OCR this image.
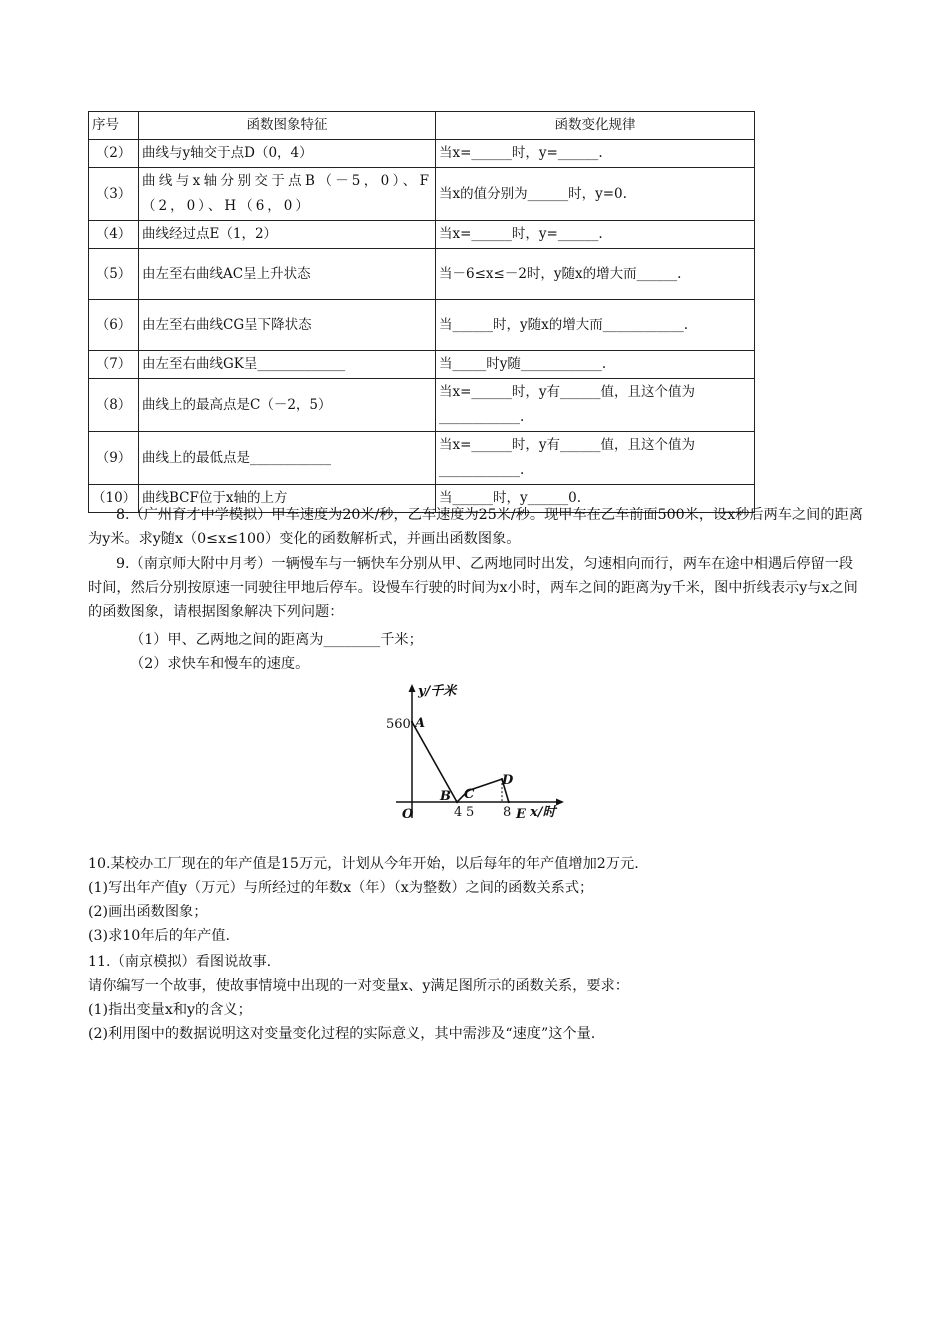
序号	函数图象特征	函数变化规律
（2）	曲线与y轴交于点D（0，4）	当x=______时，y=______.
（3）	曲线与x轴分别交于点B（－5，0）、F（2，0）、H（6，0）	当x的值分别为______时，y=0.
（4）	曲线经过点E（1，2）	当x=______时，y=______.
（5）	由左至右曲线AC呈上升状态	当－6≤x≤－2时，y随x的增大而______.
（6）	由左至右曲线CG呈下降状态	当______时，y随x的增大而____________.
（7）	由左至右曲线GK呈_____________	当_____时y随____________.
（8）	曲线上的最高点是C（－2，5）	当x=______时，y有______值，且这个值为____________.
（9）	曲线上的最低点是____________	当x=______时，y有______值，且这个值为____________.
（10）	曲线BCF位于x轴的上方	当______时，y______0.

8.（广州育才中学模拟）甲车速度为20米/秒，乙车速度为25米/秒。现甲车在乙车前面500米，设x秒后两车之间的距离为y米。求y随x（0≤x≤100）变化的函数解析式，并画出函数图象。

9.（南京师大附中月考）一辆慢车与一辆快车分别从甲、乙两地同时出发，匀速相向而行，两车在途中相遇后停留一段时间，然后分别按原速一同驶往甲地后停车。设慢车行驶的时间为x小时，两车之间的距离为y千米，图中折线表示y与x之间的函数图象，请根据图象解决下列问题：

（1）甲、乙两地之间的距离为________千米；

（2）求快车和慢车的速度。

y/千米
560 A
B C
D
E
4 5 8 x/时
O

10.某校办工厂现在的年产值是15万元，计划从今年开始，以后每年的年产值增加2万元.

(1)写出年产值y（万元）与所经过的年数x（年）（x为整数）之间的函数关系式；

(2)画出函数图象；

(3)求10年后的年产值.

11.（南京模拟）看图说故事.

请你编写一个故事，使故事情境中出现的一对变量x、y满足图所示的函数关系，要求：

(1)指出变量x和y的含义；

(2)利用图中的数据说明这对变量变化过程的实际意义，其中需涉及“速度”这个量.
